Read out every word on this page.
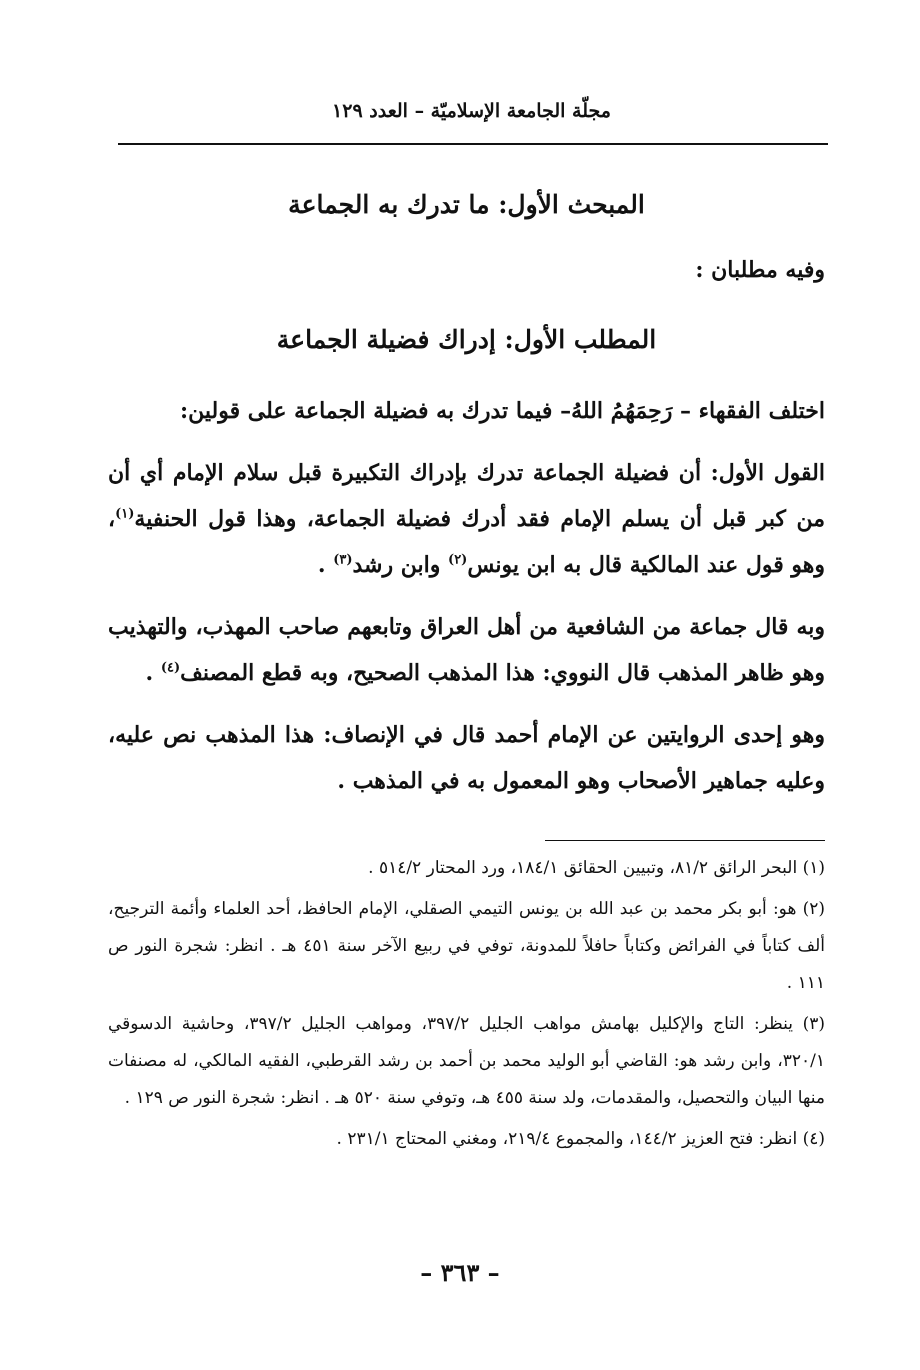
مجلّة الجامعة الإسلاميّة – العدد ١٢٩
المبحث الأول: ما تدرك به الجماعة

وفيه مطلبان :

المطلب الأول: إدراك فضيلة الجماعة

اختلف الفقهاء – رَحِمَهُمُ اللهُ– فيما تدرك به فضيلة الجماعة على قولين:

القول الأول: أن فضيلة الجماعة تدرك بإدراك التكبيرة قبل سلام الإمام أي أن من كبر قبل أن يسلم الإمام فقد أدرك فضيلة الجماعة، وهذا قول الحنفية$^{(١)}$، وهو قول عند المالكية قال به ابن يونس$^{(٢)}$ وابن رشد$^{(٣)}$ .

وبه قال جماعة من الشافعية من أهل العراق وتابعهم صاحب المهذب، والتهذيب وهو ظاهر المذهب قال النووي: هذا المذهب الصحيح، وبه قطع المصنف$^{(٤)}$ .

وهو إحدى الروايتين عن الإمام أحمد قال في الإنصاف: هذا المذهب نص عليه، وعليه جماهير الأصحاب وهو المعمول به في المذهب .

(١) البحر الرائق ٨١/٢، وتبيين الحقائق ١٨٤/١، ورد المحتار ٥١٤/٢ .

(٢) هو: أبو بكر محمد بن عبد الله بن يونس التيمي الصقلي، الإمام الحافظ، أحد العلماء وأئمة الترجيح، ألف كتاباً في الفرائض وكتاباً حافلاً للمدونة، توفي في ربيع الآخر سنة ٤٥١ هـ . انظر: شجرة النور ص ١١١ .

(٣) ينظر: التاج والإكليل بهامش مواهب الجليل ٣٩٧/٢، ومواهب الجليل ٣٩٧/٢، وحاشية الدسوقي ٣٢٠/١، وابن رشد هو: القاضي أبو الوليد محمد بن أحمد بن رشد القرطبي، الفقيه المالكي، له مصنفات منها البيان والتحصيل، والمقدمات، ولد سنة ٤٥٥ هـ، وتوفي سنة ٥٢٠ هـ . انظر: شجرة النور ص ١٢٩ .

(٤) انظر: فتح العزيز ١٤٤/٢، والمجموع ٢١٩/٤، ومغني المحتاج ٢٣١/١ .

– ٣٦٣ –
